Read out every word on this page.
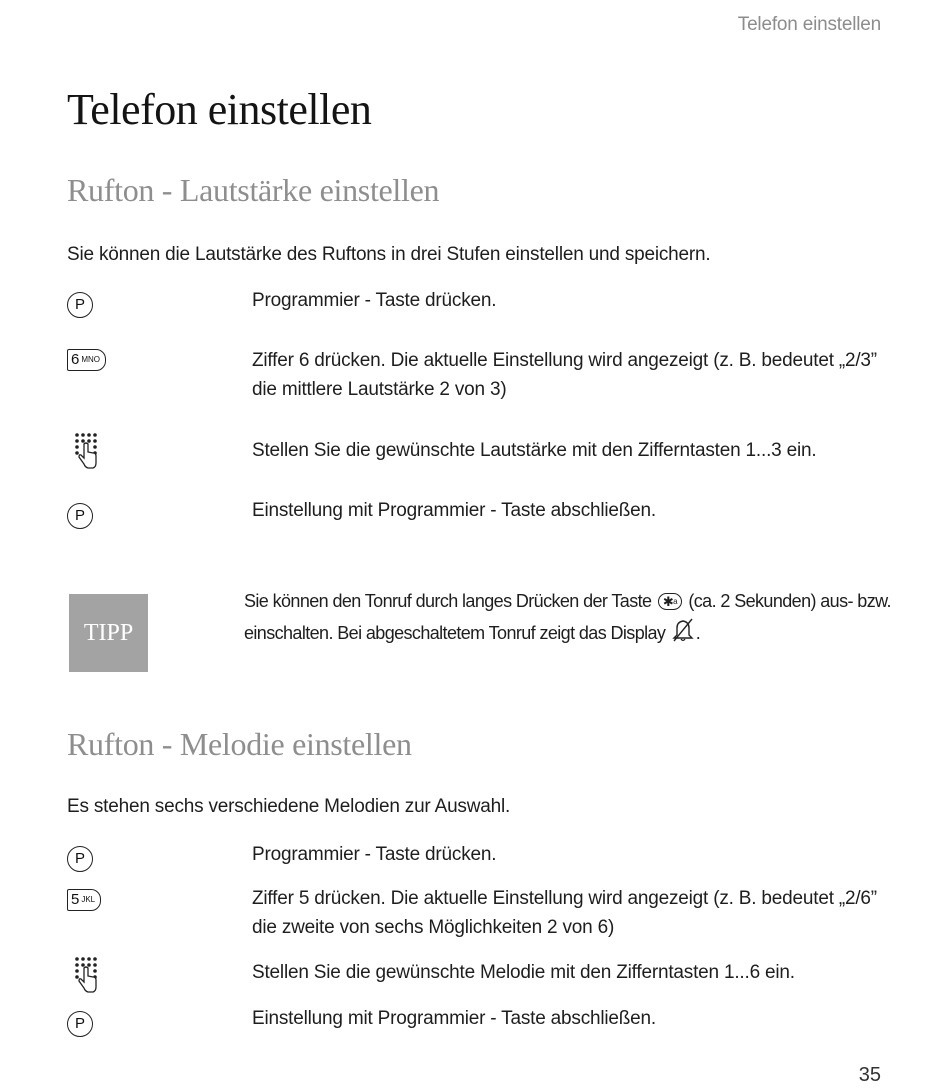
Telefon einstellen
Telefon einstellen
Rufton - Lautstärke einstellen
Sie können die Lautstärke des Ruftons in drei Stufen einstellen und speichern.
P	Programmier - Taste drücken.
6 $^{MNO}$	Ziffer 6 drücken. Die aktuelle Einstellung wird angezeigt (z. B. bedeutet „2/3” die mittlere Lautstärke 2 von 3)
Stellen Sie die gewünschte Lautstärke mit den Zifferntasten 1...3 ein.
P	Einstellung mit Programmier - Taste abschließen.
TIPP
Sie können den Tonruf durch langes Drücken der Taste ✱$^a$ (ca. 2 Sekunden) aus- bzw. einschalten. Bei abgeschaltetem Tonruf zeigt das Display .
Rufton - Melodie einstellen
Es stehen sechs verschiedene Melodien zur Auswahl.
P	Programmier - Taste drücken.
5 $^{JKL}$	Ziffer 5 drücken. Die aktuelle Einstellung wird angezeigt (z. B. bedeutet „2/6” die zweite von sechs Möglichkeiten 2 von 6)
Stellen Sie die gewünschte Melodie mit den Zifferntasten 1...6 ein.
P	Einstellung mit Programmier - Taste abschließen.
35
